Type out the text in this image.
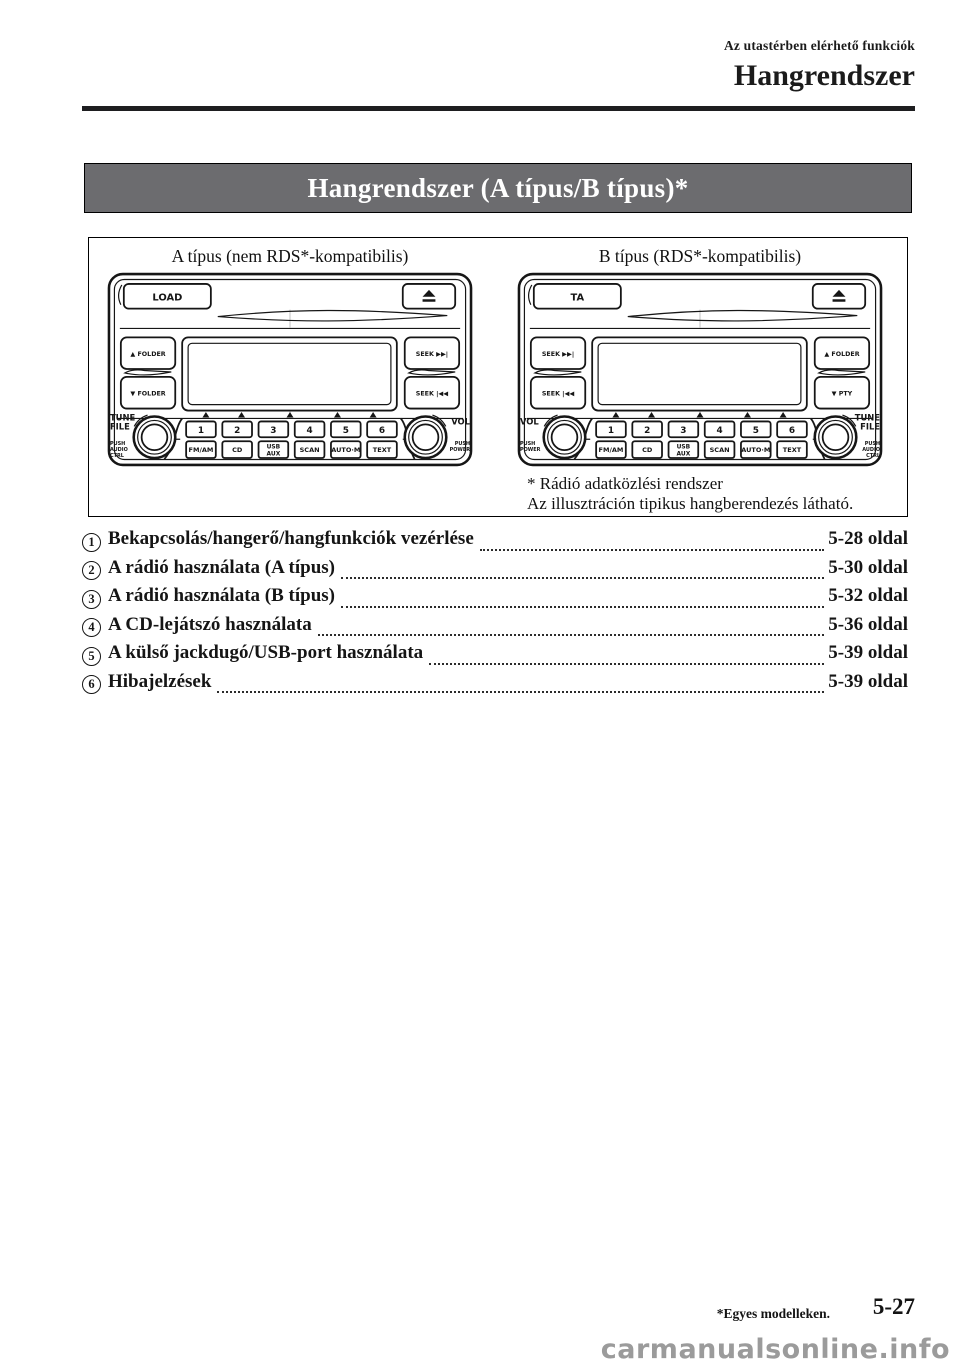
Az utastérben elérhető funkciók
Hangrendszer
Hangrendszer (A típus/B típus)*
A típus (nem RDS*-kompatibilis)	B típus (RDS*-kompatibilis)
LOAD
▲ FOLDER
▼ FOLDER
SEEK ▶▶|
SEEK |◀◀
1	2	3	4	5	6
FM/AM	CD	USB
AUX	SCAN AUTO·M TEXT
TUNE
FILE
PUSH
AUDIO
CTRL
VOL
PUSH
POWER
TA
SEEK ▶▶|
SEEK |◀◀
▲ FOLDER
▼ PTY
1	2	3	4	5	6
FM/AM	CD	USB
AUX	SCAN AUTO·M TEXT
VOL
PUSH
POWER
TUNE
FILE
PUSH
AUDIO
CTRL
* Rádió adatközlési rendszer
Az illusztráción tipikus hangberendezés látható.
1 Bekapcsolás/hangerő/hangfunkciók vezérlése	5-28 oldal
2 A rádió használata (A típus)	5-30 oldal
3 A rádió használata (B típus)	5-32 oldal
4 A CD-lejátszó használata	5-36 oldal
5 A külső jackdugó/USB-port használata	5-39 oldal
6 Hibajelzések	5-39 oldal
*Egyes modelleken. 5-27
carmanualsonline.info
